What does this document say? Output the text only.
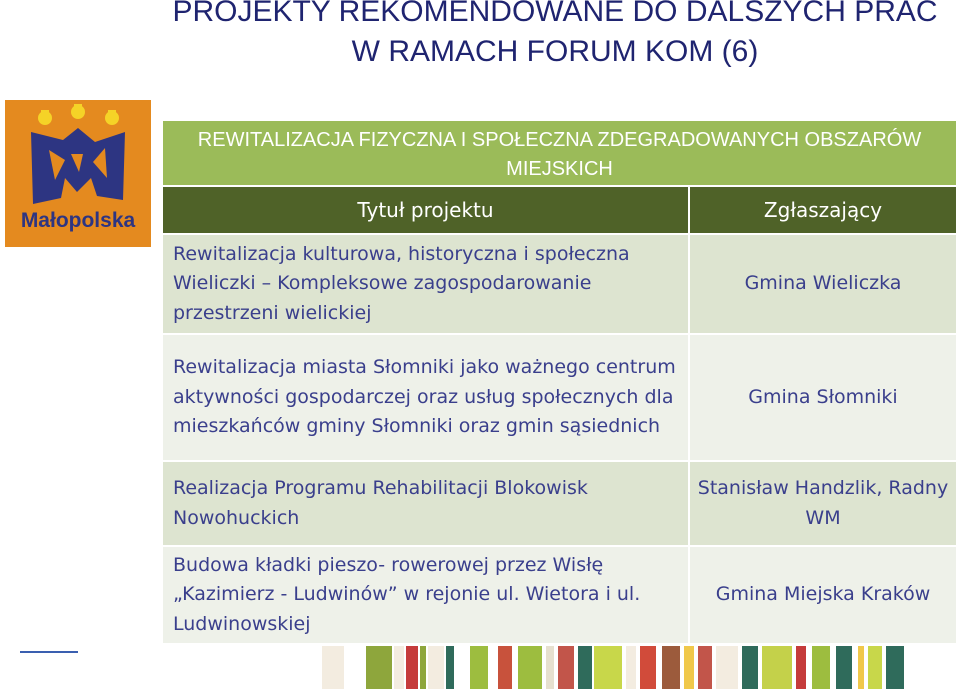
PROJEKTY REKOMENDOWANE DO DALSZYCH PRAC
W RAMACH FORUM KOM (6)
Małopolska
REWITALIZACJA FIZYCZNA I SPOŁECZNA ZDEGRADOWANYCH OBSZARÓW MIEJSKICH
Tytuł projektu	Zgłaszający
Rewitalizacja kulturowa, historyczna i społeczna Wieliczki – Kompleksowe zagospodarowanie przestrzeni wielickiej
Gmina Wieliczka
Rewitalizacja miasta Słomniki jako ważnego centrum aktywności gospodarczej oraz usług społecznych dla mieszkańców gminy Słomniki oraz gmin sąsiednich
Gmina Słomniki
Realizacja Programu Rehabilitacji Blokowisk Nowohuckich
Stanisław Handzlik, Radny WM
Budowa kładki pieszo- rowerowej przez Wisłę „Kazimierz - Ludwinów” w rejonie ul. Wietora i ul. Ludwinowskiej
Gmina Miejska Kraków
